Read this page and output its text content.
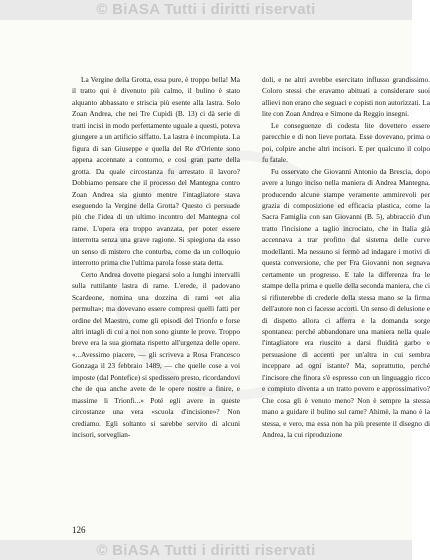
© BiASA Tutti i diritti riservati

La Vergine della Grotta, essa pure, è troppo bella! Ma il tratto qui è divenuto più calmo, il bulino è stato alquanto abbassato e striscia più esente alla lastra. Solo Zoan Andrea, che nei Tre Cupidi (B. 13) ci dà serie di tratti incisi in modo perfettamente uguale a questi, poteva giungere a un artificio siffatto. La lastra è incompiuta. La figura di san Giuseppe e quella del Re d'Oriente sono appena accennate a contorno, e così gran parte della grotta. Da quale circostanza fu arrestato il lavoro? Dobbiamo pensare che il processo del Mantegna contro Zoan Andrea sia giunto mentre l'intagliatore stava eseguendo la Vergine della Grotta? Questo ci persuade più che l'idea di un ultimo incontro del Mantegna col rame. L'opera era troppo avanzata, per poter essere interrotta senza una grave ragione. Si spiegiona da esso un senso di mistero che conturba, come da un colloquio interrotto prima che l'ultima parola fosse stata detta.

Certo Andrea dovette piegarsi solo a lunghi intervalli sulla ruttilante lastra di rame. L'erede, il padovano Scardeone, nomina una dozzina di rami «et alia permulta»; ma dovevano essere compresi quelli fatti per ordine del Maestro, come gli episodi del Trionfo e forse altri intagli di cui a noi non sono giunte le prove. Troppo breve era la sua giornata rispetto all'urgenza delle opere. «...Avessimo piacere, — gli scriveva a Rosa Francesco Gonzaga il 23 febbraio 1489, — che quelle cose a voi imposte (dal Pontefice) si spedissero presto, ricordandovi che de qua anche avete de le opere nostre a finire, e massime li Trionfi...» Poté egli avere in queste circostanze una vera «scuola d'incisione»? Non crediamo. Egli soltanto si sarebbe servito di alcuni incisori, sorveglian-

doli, e ne altri avrebbe esercitato influsso grandissimo. Coloro stessi che eravamo abituati a considerare suoi allievi non erano che seguaci e copisti non autorizzati. La lite con Zoan Andrea e Simone da Reggio insegni.

Le conseguenze di codesta lite dovettero essere parecchie e di non lieve portata. Esse dovevano, prima o poi, colpire anche altri incisori. E per qualcuno il colpo fu fatale.

Fu osservato che Giovanni Antonio da Brescia, dopo avere a lungo inciso nella maniera di Andrea Mantegna, producendo alcune stampe veramente ammirevoli per grazia di composizione ed efficacia plastica, come la Sacra Famiglia con san Giovanni (B. 5), abbracciò d'un tratto l'incisione a taglio incrociato, che in Italia già accennava a trar profitto dal sistema delle curve modellanti. Ma nessuno si fermò ad indagare i motivi di questa conversione, che per Fra Giovanni non segnava certamente un progresso. E tale la differenza fra le stampe della prima e quelle della seconda maniera, che ci si rifiuterebbe di crederle della stessa mano se la firma dell'autore non ci facesse accorti. Un senso di delusione e di dispetto allora ci afferra e la domanda sorge spontanea: perché abbandonare una maniera nella quale l'intagliatore era riuscito a darsi fluidità garbo e persuasione di accenti per un'altra in cui sembra incepparе ad ogni istante? Ma, soprattutto, perché l'incisore che finora s'è espresso con un linguaggio ricco e compiuto diventa a un tratto povero e approssimativo? Che cosa gli è venuto meno? Non è sempre la stessa mano a guidare il bulino sul rame? Ahimè, la mano è la stessa, e vero, ma essa non ha più presente il disegno di Andrea, la cui riproduzione

126
© BiASA Tutti i diritti riservati
